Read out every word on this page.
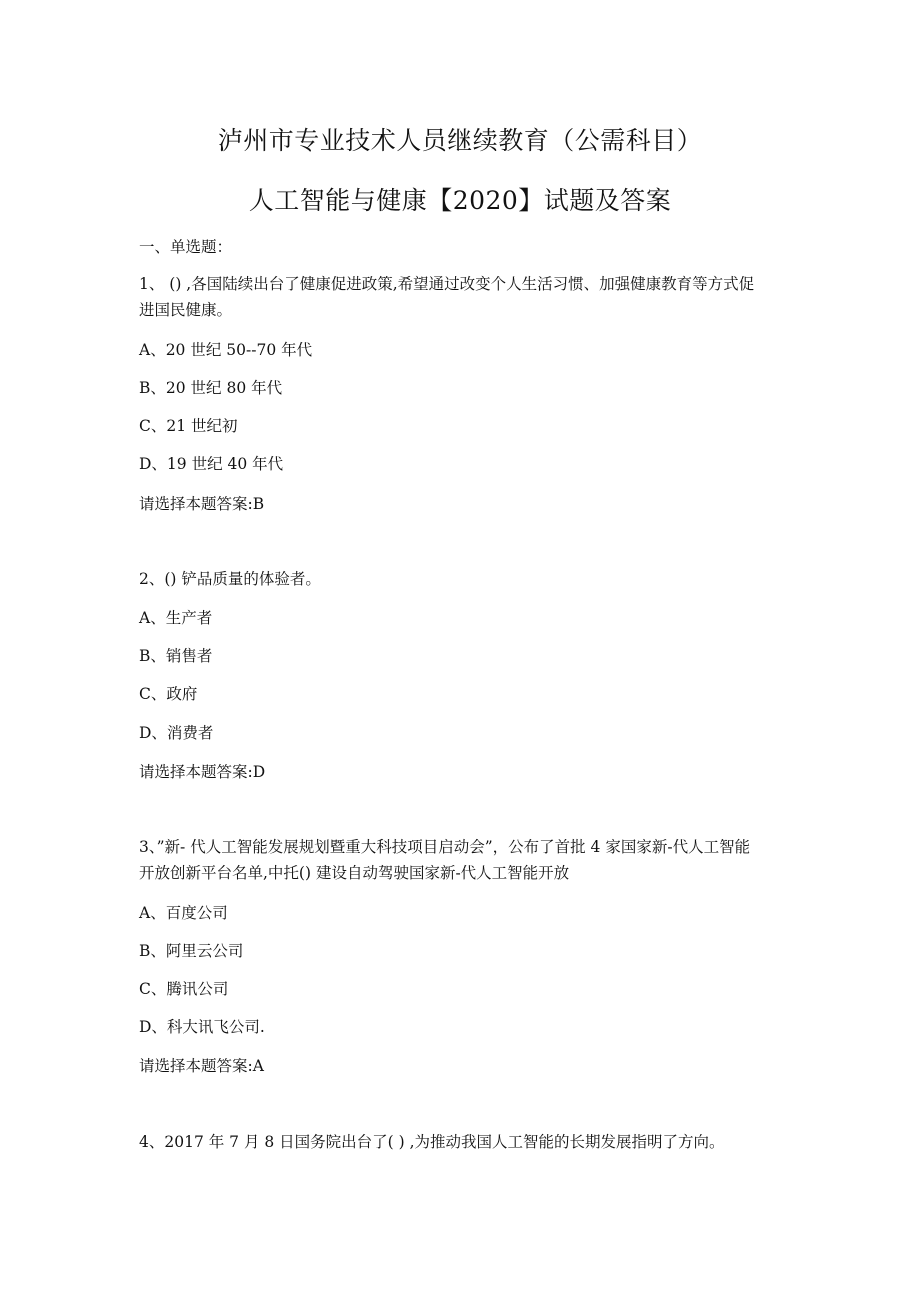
泸州市专业技术人员继续教育（公需科目）
人工智能与健康【2020】试题及答案
一、单选题：
1、 () ,各国陆续出台了健康促进政策,希望通过改变个人生活习惯、加强健康教育等方式促
进国民健康。
A、20 世纪 50--70 年代
B、20 世纪 80 年代
C、21 世纪初
D、19 世纪 40 年代
请选择本题答案:B
2、() 铲品质量的体验者。
A、生产者
B、销售者
C、政府
D、消费者
请选择本题答案:D
3、”新- 代人工智能发展规划暨重大科技项目启动会”，公布了首批 4 家国家新-代人工智能
开放创新平台名单,中托() 建设自动驾驶国家新-代人工智能开放
A、百度公司
B、阿里云公司
C、腾讯公司
D、科大讯飞公司.
请选择本题答案:A
4、2017 年 7 月 8 日国务院出台了( ) ,为推动我国人工智能的长期发展指明了方向。
